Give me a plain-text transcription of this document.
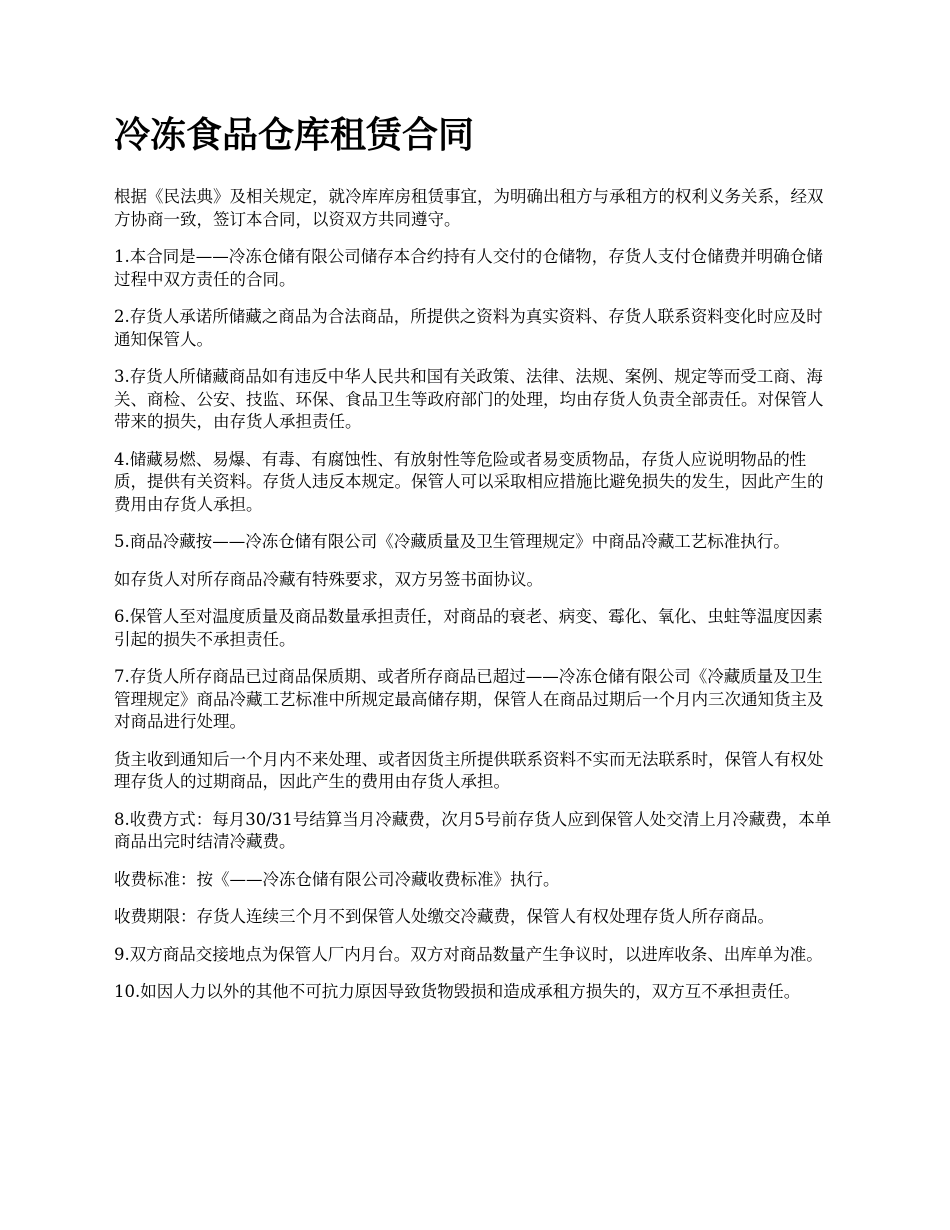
冷冻食品仓库租赁合同

根据《民法典》及相关规定，就冷库库房租赁事宜，为明确出租方与承租方的权利义务关系，经双方协商一致，签订本合同，以资双方共同遵守。

1.本合同是——冷冻仓储有限公司储存本合约持有人交付的仓储物，存货人支付仓储费并明确仓储过程中双方责任的合同。

2.存货人承诺所储藏之商品为合法商品，所提供之资料为真实资料、存货人联系资料变化时应及时通知保管人。

3.存货人所储藏商品如有违反中华人民共和国有关政策、法律、法规、案例、规定等而受工商、海关、商检、公安、技监、环保、食品卫生等政府部门的处理，均由存货人负责全部责任。对保管人带来的损失，由存货人承担责任。

4.储藏易燃、易爆、有毒、有腐蚀性、有放射性等危险或者易变质物品，存货人应说明物品的性质，提供有关资料。存货人违反本规定。保管人可以采取相应措施比避免损失的发生，因此产生的费用由存货人承担。

5.商品冷藏按——冷冻仓储有限公司《冷藏质量及卫生管理规定》中商品冷藏工艺标准执行。

如存货人对所存商品冷藏有特殊要求，双方另签书面协议。

6.保管人至对温度质量及商品数量承担责任，对商品的衰老、病变、霉化、氧化、虫蛀等温度因素引起的损失不承担责任。

7.存货人所存商品已过商品保质期、或者所存商品已超过——冷冻仓储有限公司《冷藏质量及卫生管理规定》商品冷藏工艺标准中所规定最高储存期，保管人在商品过期后一个月内三次通知货主及对商品进行处理。

货主收到通知后一个月内不来处理、或者因货主所提供联系资料不实而无法联系时，保管人有权处理存货人的过期商品，因此产生的费用由存货人承担。

8.收费方式：每月30/31号结算当月冷藏费，次月5号前存货人应到保管人处交清上月冷藏费，本单商品出完时结清冷藏费。

收费标准：按《——冷冻仓储有限公司冷藏收费标准》执行。

收费期限：存货人连续三个月不到保管人处缴交冷藏费，保管人有权处理存货人所存商品。

9.双方商品交接地点为保管人厂内月台。双方对商品数量产生争议时，以进库收条、出库单为准。

10.如因人力以外的其他不可抗力原因导致货物毁损和造成承租方损失的，双方互不承担责任。
